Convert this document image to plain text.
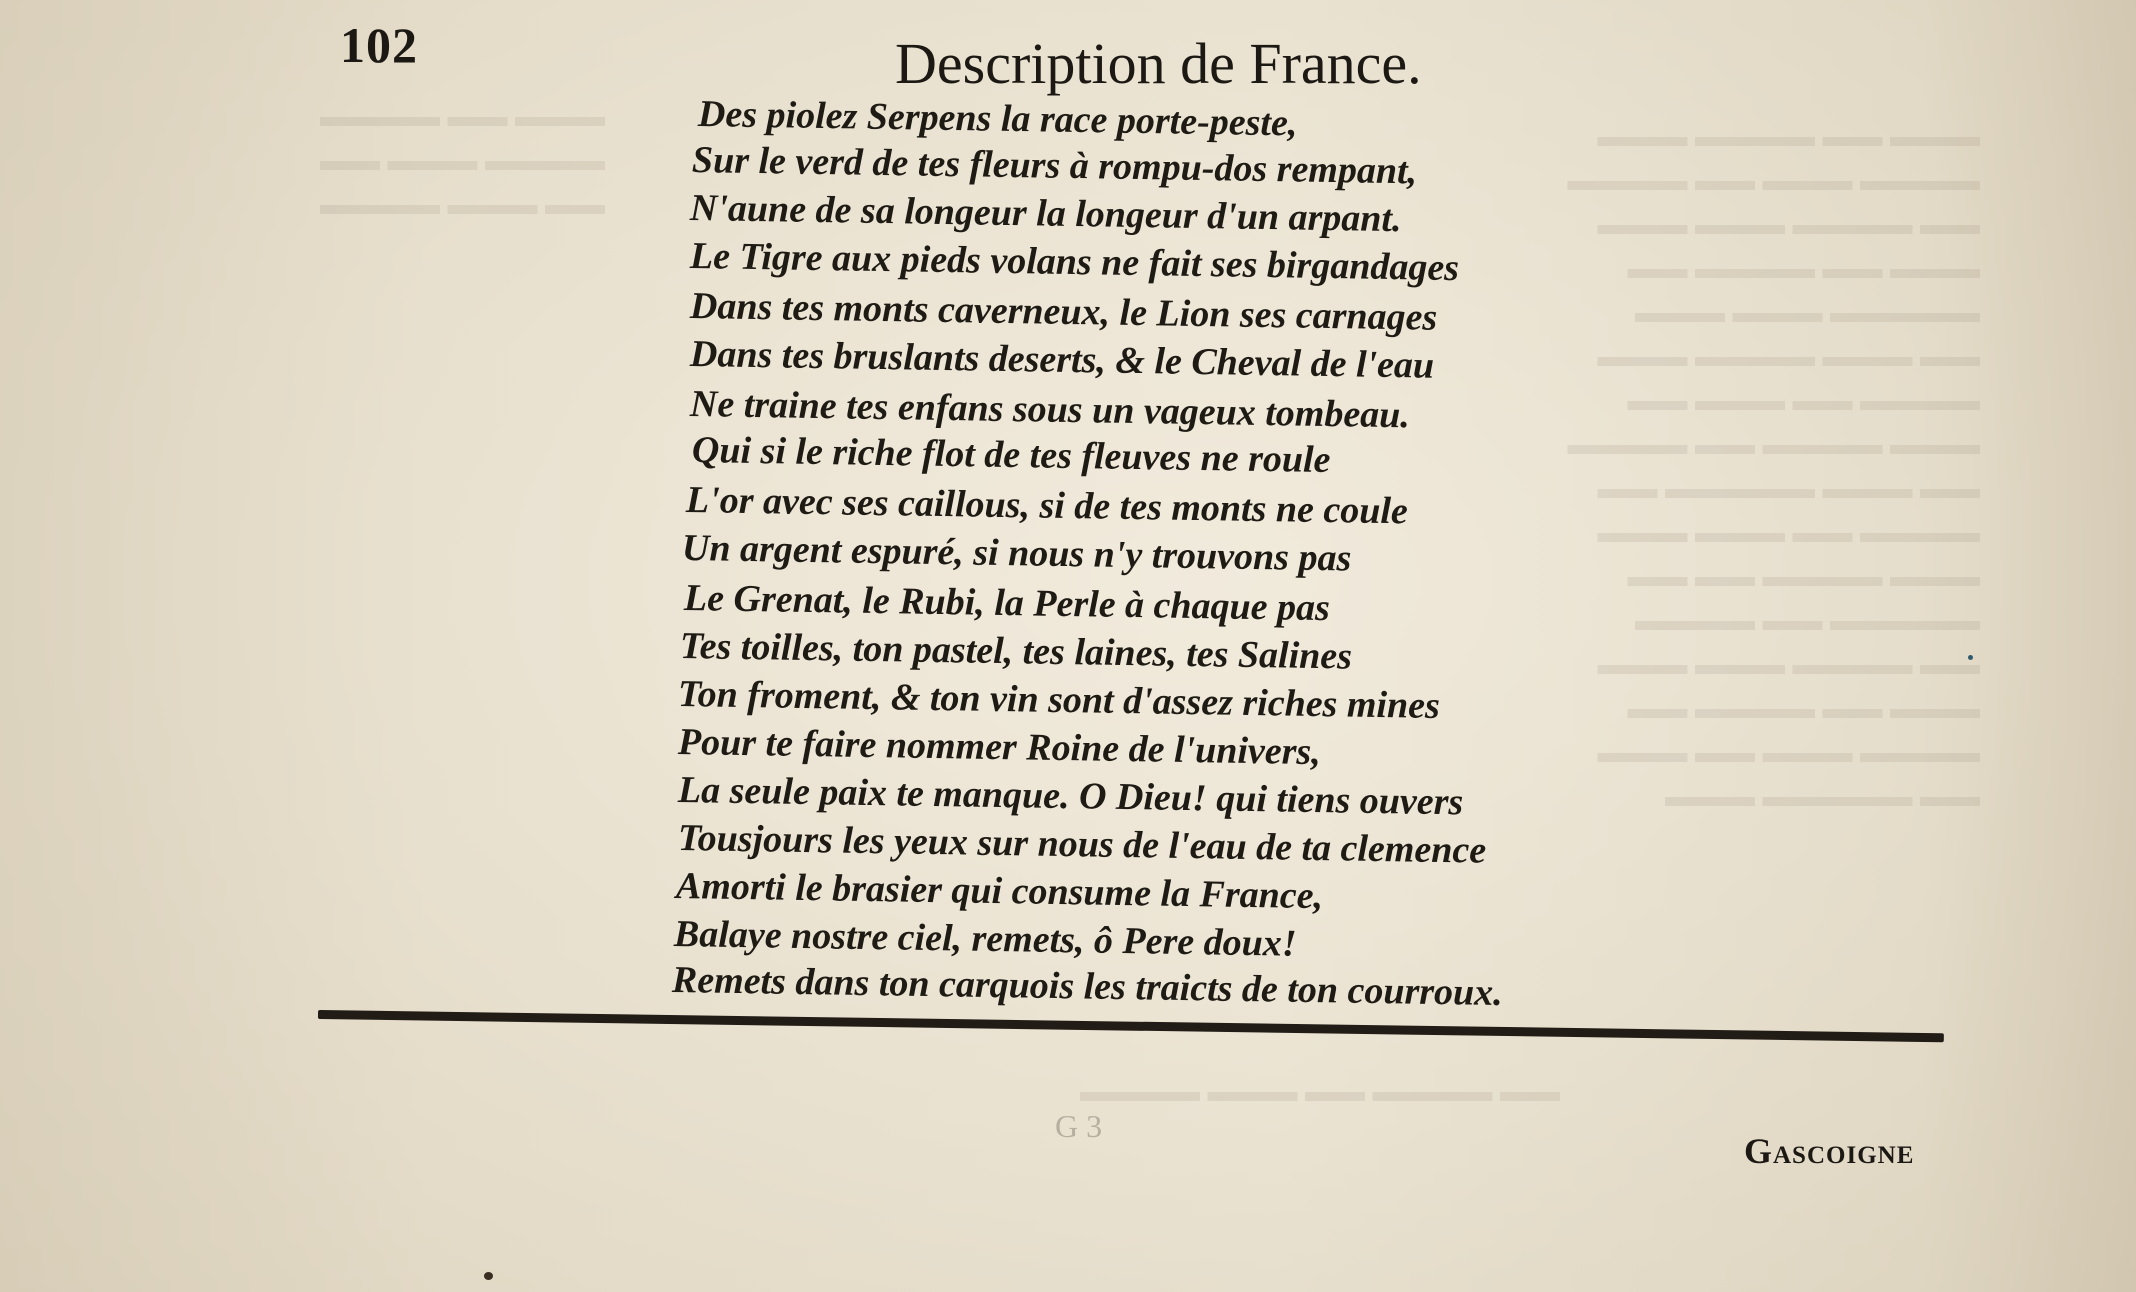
▬▬▬ ▬▬ ▬▬▬▬ ▬▬▬
▬▬▬▬ ▬▬▬ ▬▬ ▬▬▬▬
▬▬ ▬▬▬▬ ▬▬▬ ▬▬▬
▬▬▬ ▬▬ ▬▬▬▬ ▬▬
▬▬▬▬▬ ▬▬▬ ▬▬▬
▬▬ ▬▬▬ ▬▬▬▬ ▬▬▬
▬▬▬▬ ▬▬ ▬▬▬ ▬▬
▬▬▬ ▬▬▬▬ ▬▬ ▬▬▬▬
▬▬ ▬▬▬ ▬▬▬▬▬ ▬▬
▬▬▬▬ ▬▬ ▬▬▬ ▬▬▬
▬▬▬ ▬▬▬▬ ▬▬ ▬▬
▬▬▬▬▬ ▬▬ ▬▬▬▬
▬▬ ▬▬▬▬ ▬▬▬ ▬▬▬
▬▬▬ ▬▬ ▬▬▬▬ ▬▬
▬▬▬▬ ▬▬▬ ▬▬ ▬▬▬
▬▬ ▬▬▬▬▬ ▬▬▬
▬▬▬ ▬▬ ▬▬▬▬
▬▬▬▬ ▬▬▬ ▬▬
▬▬ ▬▬▬ ▬▬▬▬
▬▬ ▬▬▬▬ ▬▬ ▬▬▬ ▬▬▬▬
102	Description de France.
Des piolez Serpens la race porte-peste,
Sur le verd de tes fleurs à rompu-dos rempant,
N'aune de sa longeur la longeur d'un arpant.
Le Tigre aux pieds volans ne fait ses birgandages
Dans tes monts caverneux, le Lion ses carnages
Dans tes bruslants deserts, & le Cheval de l'eau
Ne traine tes enfans sous un vageux tombeau.
Qui si le riche flot de tes fleuves ne roule
L'or avec ses caillous, si de tes monts ne coule
Un argent espuré, si nous n'y trouvons pas
Le Grenat, le Rubi, la Perle à chaque pas
Tes toilles, ton pastel, tes laines, tes Salines
Ton froment, & ton vin sont d'assez riches mines
Pour te faire nommer Roine de l'univers,
La seule paix te manque. O Dieu! qui tiens ouvers
Tousjours les yeux sur nous de l'eau de ta clemence
Amorti le brasier qui consume la France,
Balaye nostre ciel, remets, ô Pere doux!
Remets dans ton carquois les traicts de ton courroux.
G 3
Gascoigne
